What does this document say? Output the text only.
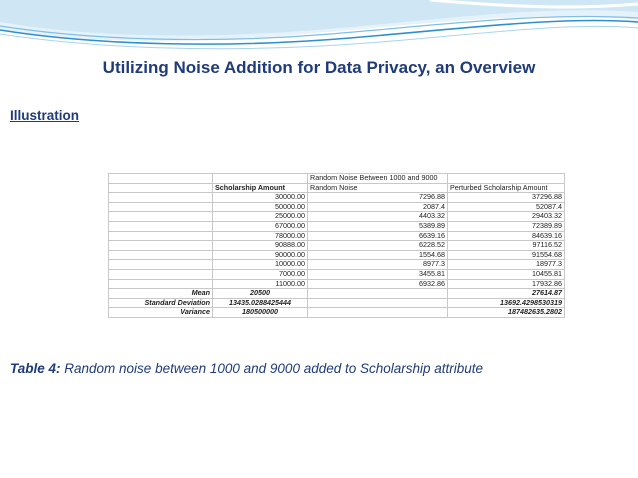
Utilizing Noise Addition for Data Privacy, an Overview
Illustration
		Random Noise Between 1000 and 9000	
	Scholarship Amount	Random Noise	Perturbed Scholarship Amount
	30000.00	7296.88	37296.88
	50000.00	2087.4	52087.4
	25000.00	4403.32	29403.32
	67000.00	5389.89	72389.89
	78000.00	6639.16	84639.16
	90888.00	6228.52	97116.52
	90000.00	1554.68	91554.68
	10000.00	8977.3	18977.3
	7000.00	3455.81	10455.81
	11000.00	6932.86	17932.86
Mean	20500		27614.87
Standard Deviation	13435.0288425444		13692.4298530319
Variance	180500000		187482635.2802
Table 4: Random noise between 1000 and 9000 added to Scholarship attribute
